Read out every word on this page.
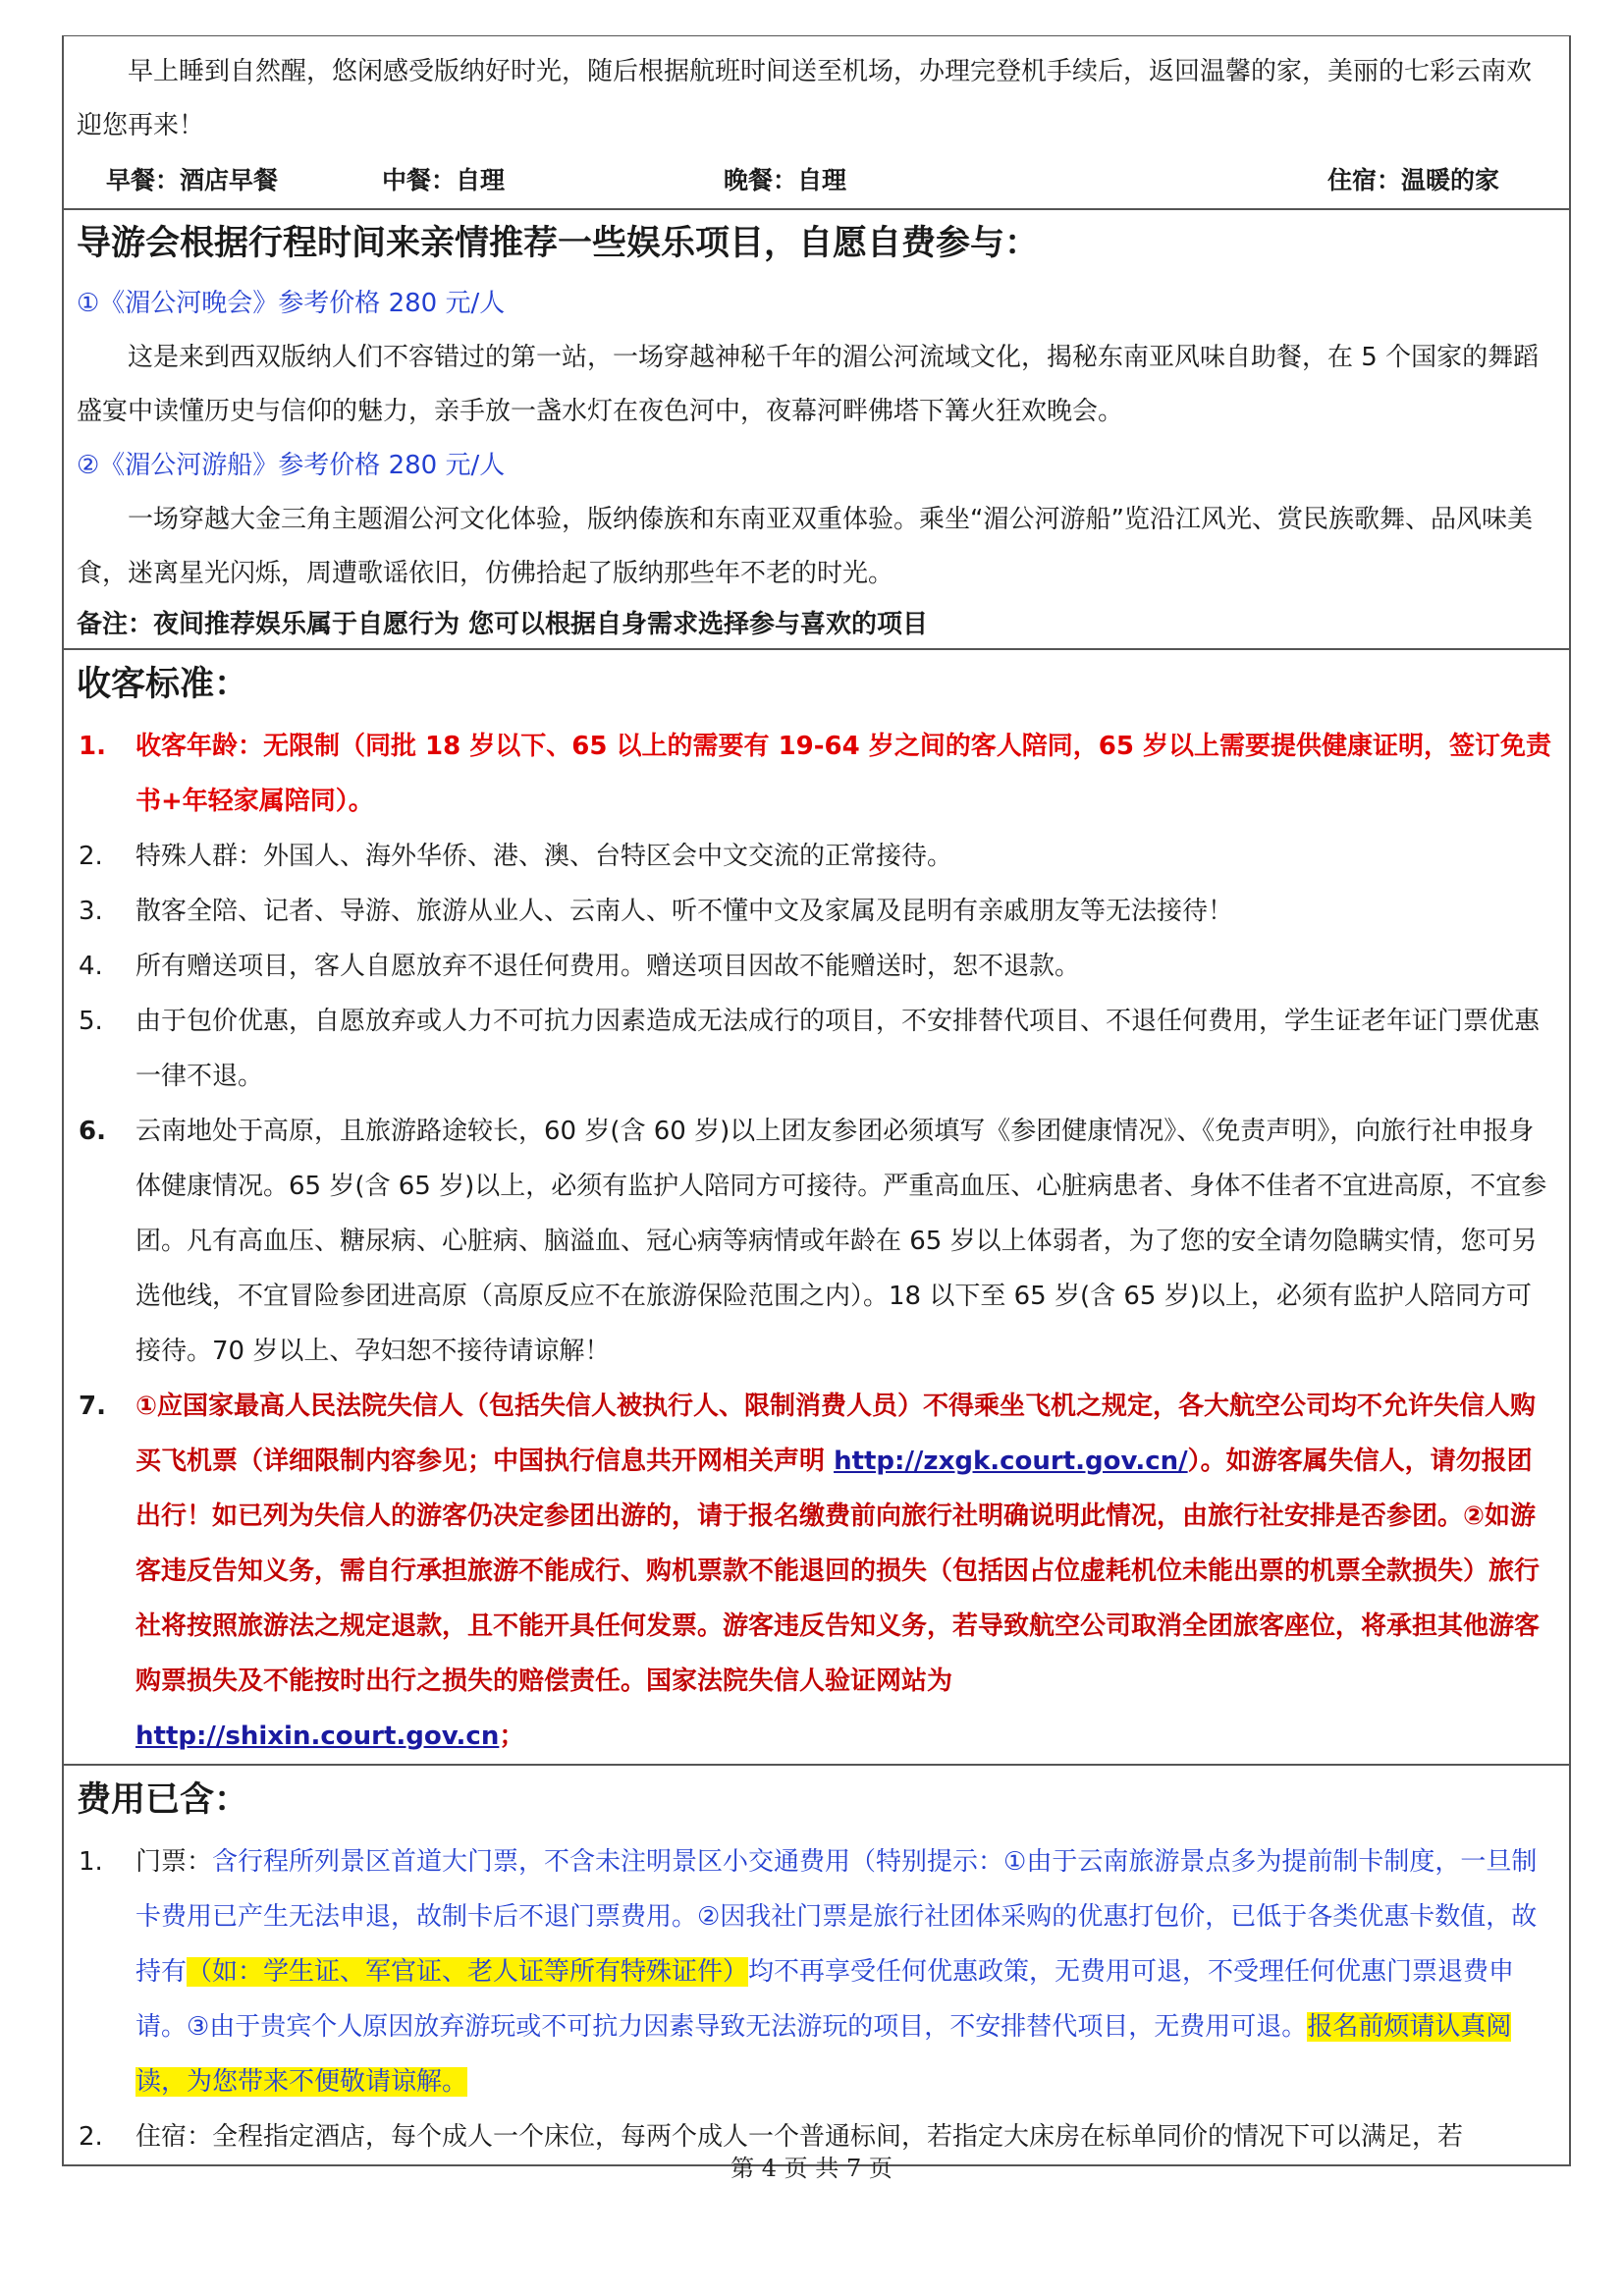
早上睡到自然醒，悠闲感受版纳好时光，随后根据航班时间送至机场，办理完登机手续后，返回温馨的家，美丽的七彩云南欢迎您再来！

早餐：酒店早餐	中餐：自理	晚餐：自理	住宿：温暖的家

导游会根据行程时间来亲情推荐一些娱乐项目，自愿自费参与：

①《湄公河晚会》参考价格 280 元/人

这是来到西双版纳人们不容错过的第一站，一场穿越神秘千年的湄公河流域文化，揭秘东南亚风味自助餐，在 5 个国家的舞蹈盛宴中读懂历史与信仰的魅力，亲手放一盏水灯在夜色河中，夜幕河畔佛塔下篝火狂欢晚会。

②《湄公河游船》参考价格 280 元/人

一场穿越大金三角主题湄公河文化体验，版纳傣族和东南亚双重体验。乘坐“湄公河游船”览沿江风光、赏民族歌舞、品风味美食，迷离星光闪烁，周遭歌谣依旧，仿佛拾起了版纳那些年不老的时光。

备注：夜间推荐娱乐属于自愿行为 您可以根据自身需求选择参与喜欢的项目

收客标准：

1.	收客年龄：无限制（同批 18 岁以下、65 以上的需要有 19-64 岁之间的客人陪同，65 岁以上需要提供健康证明，签订免责书+年轻家属陪同）。
2.	特殊人群：外国人、海外华侨、港、澳、台特区会中文交流的正常接待。
3.	散客全陪、记者、导游、旅游从业人、云南人、听不懂中文及家属及昆明有亲戚朋友等无法接待！
4.	所有赠送项目，客人自愿放弃不退任何费用。赠送项目因故不能赠送时，恕不退款。
5.	由于包价优惠，自愿放弃或人力不可抗力因素造成无法成行的项目，不安排替代项目、不退任何费用，学生证老年证门票优惠一律不退。
6.	云南地处于高原，且旅游路途较长，60 岁(含 60 岁)以上团友参团必须填写《参团健康情况》、《免责声明》，向旅行社申报身体健康情况。65 岁(含 65 岁)以上，必须有监护人陪同方可接待。严重高血压、心脏病患者、身体不佳者不宜进高原，不宜参团。凡有高血压、糖尿病、心脏病、脑溢血、冠心病等病情或年龄在 65 岁以上体弱者，为了您的安全请勿隐瞒实情，您可另选他线，不宜冒险参团进高原（高原反应不在旅游保险范围之内）。18 以下至 65 岁(含 65 岁)以上，必须有监护人陪同方可接待。70 岁以上、孕妇恕不接待请谅解！
7.	①应国家最高人民法院失信人（包括失信人被执行人、限制消费人员）不得乘坐飞机之规定，各大航空公司均不允许失信人购买飞机票（详细限制内容参见；中国执行信息共开网相关声明 http://zxgk.court.gov.cn/）。如游客属失信人，请勿报团出行！如已列为失信人的游客仍决定参团出游的，请于报名缴费前向旅行社明确说明此情况，由旅行社安排是否参团。②如游客违反告知义务，需自行承担旅游不能成行、购机票款不能退回的损失（包括因占位虚耗机位未能出票的机票全款损失）旅行社将按照旅游法之规定退款，且不能开具任何发票。游客违反告知义务，若导致航空公司取消全团旅客座位，将承担其他游客购票损失及不能按时出行之损失的赔偿责任。国家法院失信人验证网站为
http://shixin.court.gov.cn；

费用已含：

1.	门票：含行程所列景区首道大门票，不含未注明景区小交通费用（特别提示：①由于云南旅游景点多为提前制卡制度，一旦制卡费用已产生无法申退，故制卡后不退门票费用。②因我社门票是旅行社团体采购的优惠打包价，已低于各类优惠卡数值，故持有（如：学生证、军官证、老人证等所有特殊证件）均不再享受任何优惠政策，无费用可退，不受理任何优惠门票退费申请。③由于贵宾个人原因放弃游玩或不可抗力因素导致无法游玩的项目，不安排替代项目，无费用可退。报名前烦请认真阅读，为您带来不便敬请谅解。
2.	住宿：全程指定酒店，每个成人一个床位，每两个成人一个普通标间，若指定大床房在标单同价的情况下可以满足，若
第 4 页 共 7 页
